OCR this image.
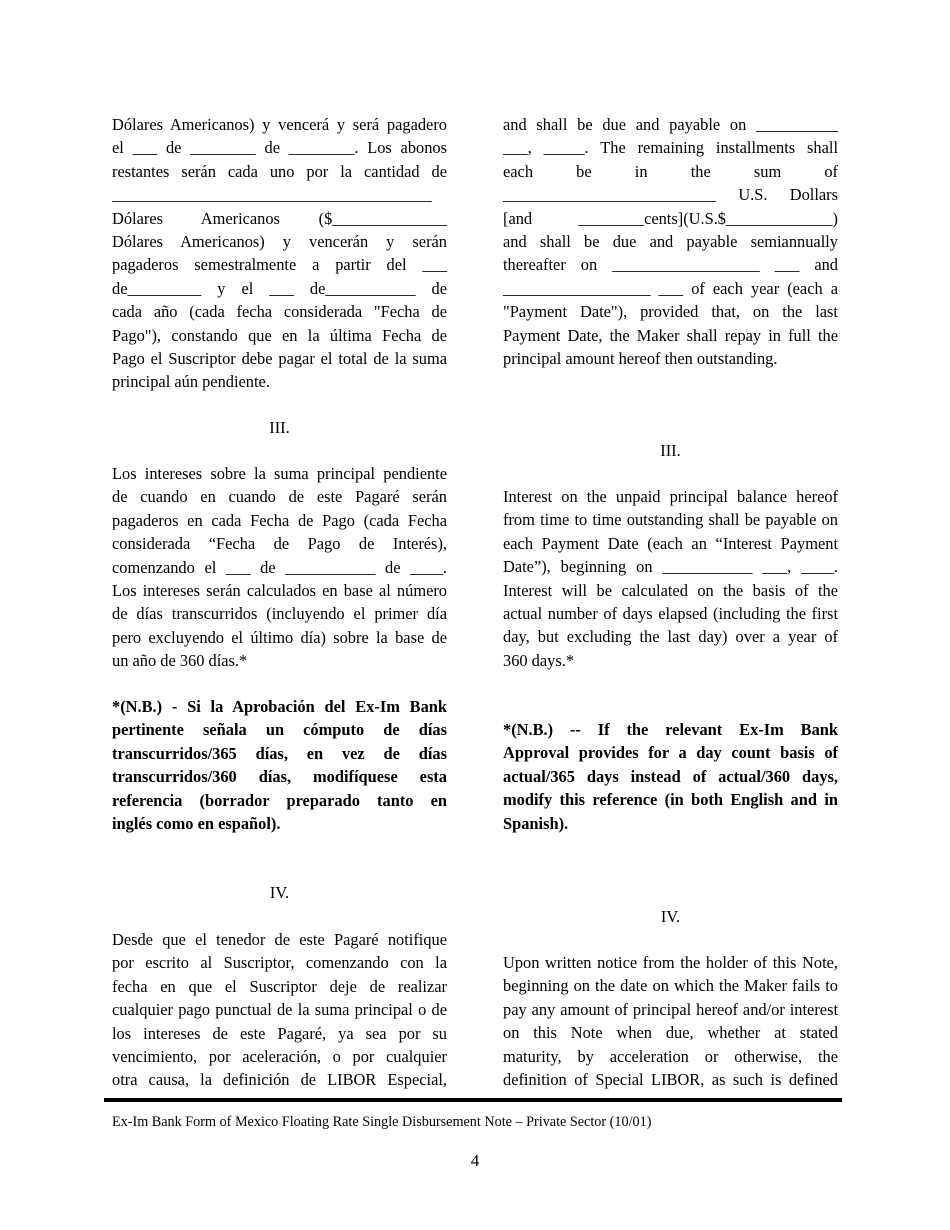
Dólares Americanos) y vencerá y será pagadero
el ___ de ________ de ________. Los abonos
restantes serán cada uno por la cantidad de
_______________________________________
Dólares Americanos ($______________
Dólares Americanos) y vencerán y serán
pagaderos semestralmente a partir del ___
de_________ y el ___ de___________ de
cada año (cada fecha considerada "Fecha de
Pago"), constando que en la última Fecha de
Pago el Suscriptor debe pagar el total de la suma
principal aún pendiente.
III.
Los intereses sobre la suma principal pendiente
de cuando en cuando de este Pagaré serán
pagaderos en cada Fecha de Pago (cada Fecha
considerada “Fecha de Pago de Interés),
comenzando el ___ de ___________ de ____.
Los intereses serán calculados en base al número
de días transcurridos (incluyendo el primer día
pero excluyendo el último día) sobre la base de
un año de 360 días.*
*(N.B.) - Si la Aprobación del Ex-Im Bank
pertinente señala un cómputo de días
transcurridos/365 días, en vez de días
transcurridos/360 días, modifíquese esta
referencia (borrador preparado tanto en
inglés como en español).
IV.
Desde que el tenedor de este Pagaré notifique
por escrito al Suscriptor, comenzando con la
fecha en que el Suscriptor deje de realizar
cualquier pago punctual de la suma principal o de
los intereses de este Pagaré, ya sea por su
vencimiento, por aceleración, o por cualquier
otra causa, la definición de LIBOR Especial,
and shall be due and payable on __________
___, _____. The remaining installments shall
each be in the sum of
__________________________ U.S. Dollars
[and ________cents](U.S.$_____________)
and shall be due and payable semiannually
thereafter on __________________ ___ and
__________________ ___ of each year (each a
"Payment Date"), provided that, on the last
Payment Date, the Maker shall repay in full the
principal amount hereof then outstanding.
III.
Interest on the unpaid principal balance hereof
from time to time outstanding shall be payable on
each Payment Date (each an “Interest Payment
Date”), beginning on ___________ ___, ____.
Interest will be calculated on the basis of the
actual number of days elapsed (including the first
day, but excluding the last day) over a year of
360 days.*
*(N.B.) -- If the relevant Ex-Im Bank
Approval provides for a day count basis of
actual/365 days instead of actual/360 days,
modify this reference (in both English and in
Spanish).
IV.
Upon written notice from the holder of this Note,
beginning on the date on which the Maker fails to
pay any amount of principal hereof and/or interest
on this Note when due, whether at stated
maturity, by acceleration or otherwise, the
definition of Special LIBOR, as such is defined
Ex-Im Bank Form of Mexico Floating Rate Single Disbursement Note – Private Sector (10/01)
4
